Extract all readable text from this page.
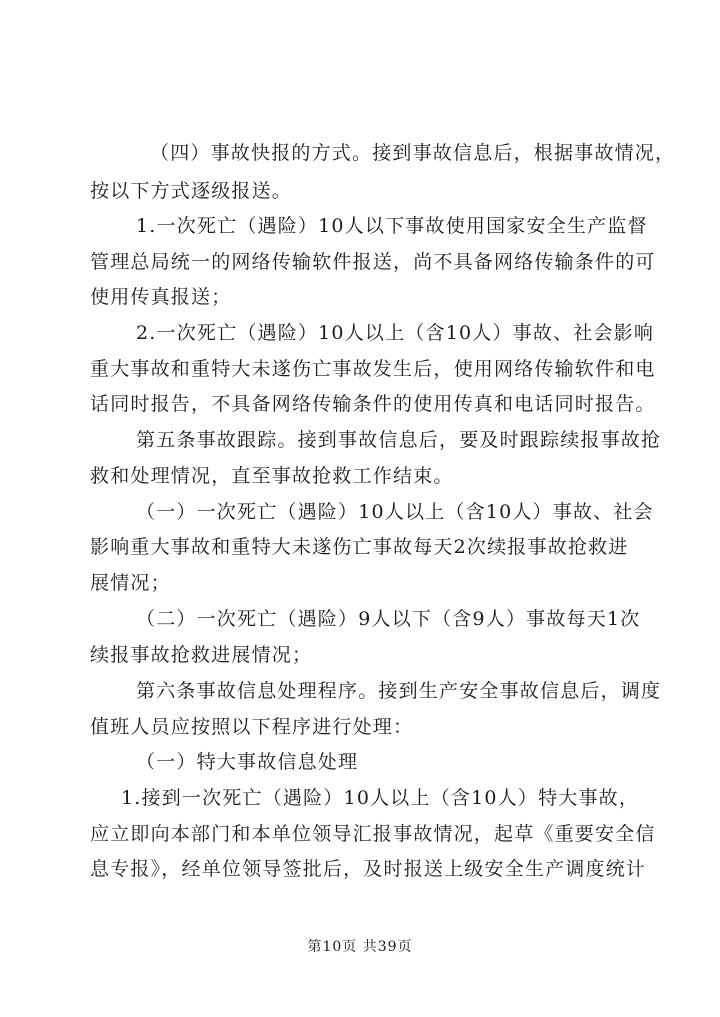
（四）事故快报的方式。接到事故信息后，根据事故情况，
按以下方式逐级报送。
1.一次死亡（遇险）10人以下事故使用国家安全生产监督
管理总局统一的网络传输软件报送，尚不具备网络传输条件的可
使用传真报送；
2.一次死亡（遇险）10人以上（含10人）事故、社会影响
重大事故和重特大未遂伤亡事故发生后，使用网络传输软件和电
话同时报告，不具备网络传输条件的使用传真和电话同时报告。
第五条事故跟踪。接到事故信息后，要及时跟踪续报事故抢
救和处理情况，直至事故抢救工作结束。
（一）一次死亡（遇险）10人以上（含10人）事故、社会
影响重大事故和重特大未遂伤亡事故每天2次续报事故抢救进
展情况；
（二）一次死亡（遇险）9人以下（含9人）事故每天1次
续报事故抢救进展情况；
第六条事故信息处理程序。接到生产安全事故信息后，调度
值班人员应按照以下程序进行处理：
（一）特大事故信息处理
1.接到一次死亡（遇险）10人以上（含10人）特大事故，
应立即向本部门和本单位领导汇报事故情况，起草《重要安全信
息专报》，经单位领导签批后，及时报送上级安全生产调度统计
第10页 共39页
